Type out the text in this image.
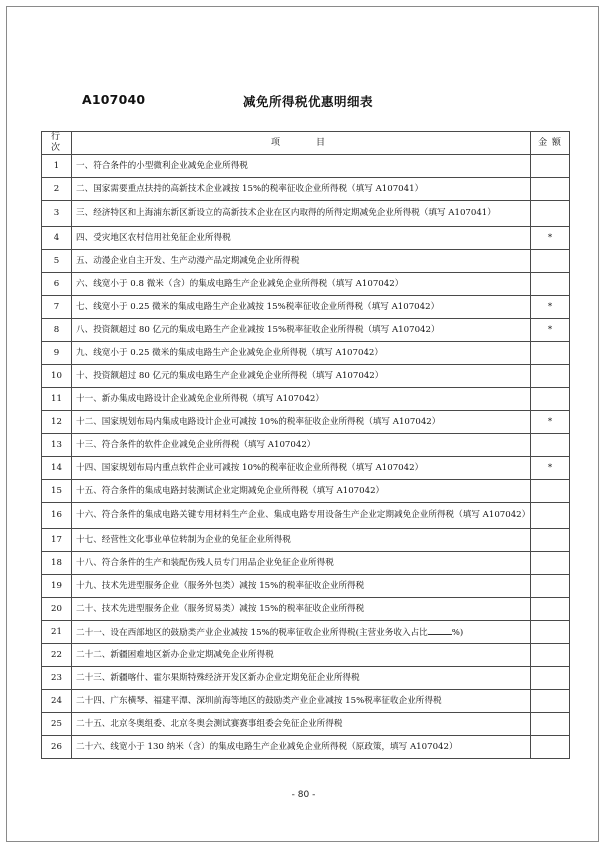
A107040	减免所得税优惠明细表
行次	项　　目	金 额
1	一、符合条件的小型微利企业减免企业所得税	
2	二、国家需要重点扶持的高新技术企业减按 15%的税率征收企业所得税（填写 A107041）	
3	三、经济特区和上海浦东新区新设立的高新技术企业在区内取得的所得定期减免企业所得税（填写 A107041）	
4	四、受灾地区农村信用社免征企业所得税	*
5	五、动漫企业自主开发、生产动漫产品定期减免企业所得税	
6	六、线宽小于 0.8 微米（含）的集成电路生产企业减免企业所得税（填写 A107042）	
7	七、线宽小于 0.25 微米的集成电路生产企业减按 15%税率征收企业所得税（填写 A107042）	*
8	八、投资额超过 80 亿元的集成电路生产企业减按 15%税率征收企业所得税（填写 A107042）	*
9	九、线宽小于 0.25 微米的集成电路生产企业减免企业所得税（填写 A107042）	
10	十、投资额超过 80 亿元的集成电路生产企业减免企业所得税（填写 A107042）	
11	十一、新办集成电路设计企业减免企业所得税（填写 A107042）	
12	十二、国家规划布局内集成电路设计企业可减按 10%的税率征收企业所得税（填写 A107042）	*
13	十三、符合条件的软件企业减免企业所得税（填写 A107042）	
14	十四、国家规划布局内重点软件企业可减按 10%的税率征收企业所得税（填写 A107042）	*
15	十五、符合条件的集成电路封装测试企业定期减免企业所得税（填写 A107042）	
16	十六、符合条件的集成电路关键专用材料生产企业、集成电路专用设备生产企业定期减免企业所得税（填写 A107042）	
17	十七、经营性文化事业单位转制为企业的免征企业所得税	
18	十八、符合条件的生产和装配伤残人员专门用品企业免征企业所得税	
19	十九、技术先进型服务企业（服务外包类）减按 15%的税率征收企业所得税	
20	二十、技术先进型服务企业（服务贸易类）减按 15%的税率征收企业所得税	
21	二十一、设在西部地区的鼓励类产业企业减按 15%的税率征收企业所得税(主营业务收入占比 %)	
22	二十二、新疆困难地区新办企业定期减免企业所得税	
23	二十三、新疆喀什、霍尔果斯特殊经济开发区新办企业定期免征企业所得税	
24	二十四、广东横琴、福建平潭、深圳前海等地区的鼓励类产业企业减按 15%税率征收企业所得税	
25	二十五、北京冬奥组委、北京冬奥会测试赛赛事组委会免征企业所得税	
26	二十六、线宽小于 130 纳米（含）的集成电路生产企业减免企业所得税（原政策，填写 A107042）	
- 80 -
